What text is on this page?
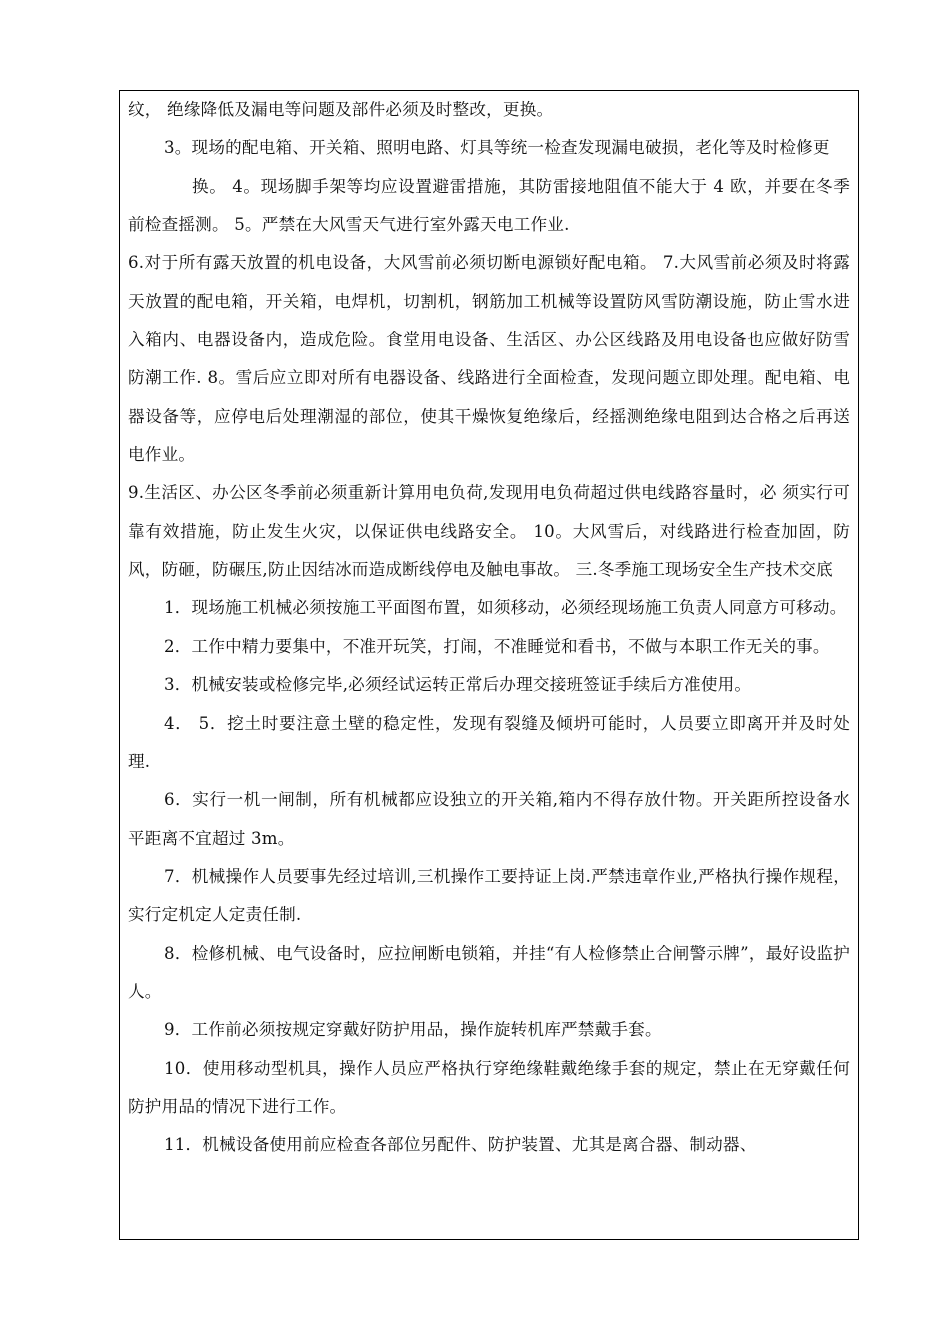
纹， 绝缘降低及漏电等问题及部件必须及时整改，更换。

3。现场的配电箱、开关箱、照明电路、灯具等统一检查发现漏电破损，老化等及时检修更

换。 4。现场脚手架等均应设置避雷措施，其防雷接地阻值不能大于 4 欧，并要在冬季前检查摇测。 5。严禁在大风雪天气进行室外露天电工作业.

6.对于所有露天放置的机电设备，大风雪前必须切断电源锁好配电箱。 7.大风雪前必须及时将露天放置的配电箱，开关箱，电焊机，切割机，钢筋加工机械等设置防风雪防潮设施，防止雪水进入箱内、电器设备内，造成危险。食堂用电设备、生活区、办公区线路及用电设备也应做好防雪防潮工作. 8。雪后应立即对所有电器设备、线路进行全面检查，发现问题立即处理。配电箱、电器设备等，应停电后处理潮湿的部位，使其干燥恢复绝缘后，经摇测绝缘电阻到达合格之后再送电作业。

9.生活区、办公区冬季前必须重新计算用电负荷,发现用电负荷超过供电线路容量时，必 须实行可靠有效措施，防止发生火灾，以保证供电线路安全。 10。大风雪后，对线路进行检查加固，防风，防砸，防碾压,防止因结冰而造成断线停电及触电事故。 三.冬季施工现场安全生产技术交底

1．现场施工机械必须按施工平面图布置，如须移动，必须经现场施工负责人同意方可移动。

2．工作中精力要集中，不准开玩笑，打闹，不准睡觉和看书，不做与本职工作无关的事。

3．机械安装或检修完毕,必须经试运转正常后办理交接班签证手续后方准使用。

4． 5．挖土时要注意土壁的稳定性，发现有裂缝及倾坍可能时，人员要立即离开并及时处理.

6．实行一机一闸制，所有机械都应设独立的开关箱,箱内不得存放什物。开关距所控设备水平距离不宜超过 3m。

7．机械操作人员要事先经过培训,三机操作工要持证上岗.严禁违章作业,严格执行操作规程，实行定机定人定责任制.

8．检修机械、电气设备时，应拉闸断电锁箱，并挂“有人检修禁止合闸警示牌”，最好设监护人。

9．工作前必须按规定穿戴好防护用品，操作旋转机库严禁戴手套。

10．使用移动型机具，操作人员应严格执行穿绝缘鞋戴绝缘手套的规定，禁止在无穿戴任何防护用品的情况下进行工作。

11．机械设备使用前应检查各部位另配件、防护装置、尤其是离合器、制动器、
